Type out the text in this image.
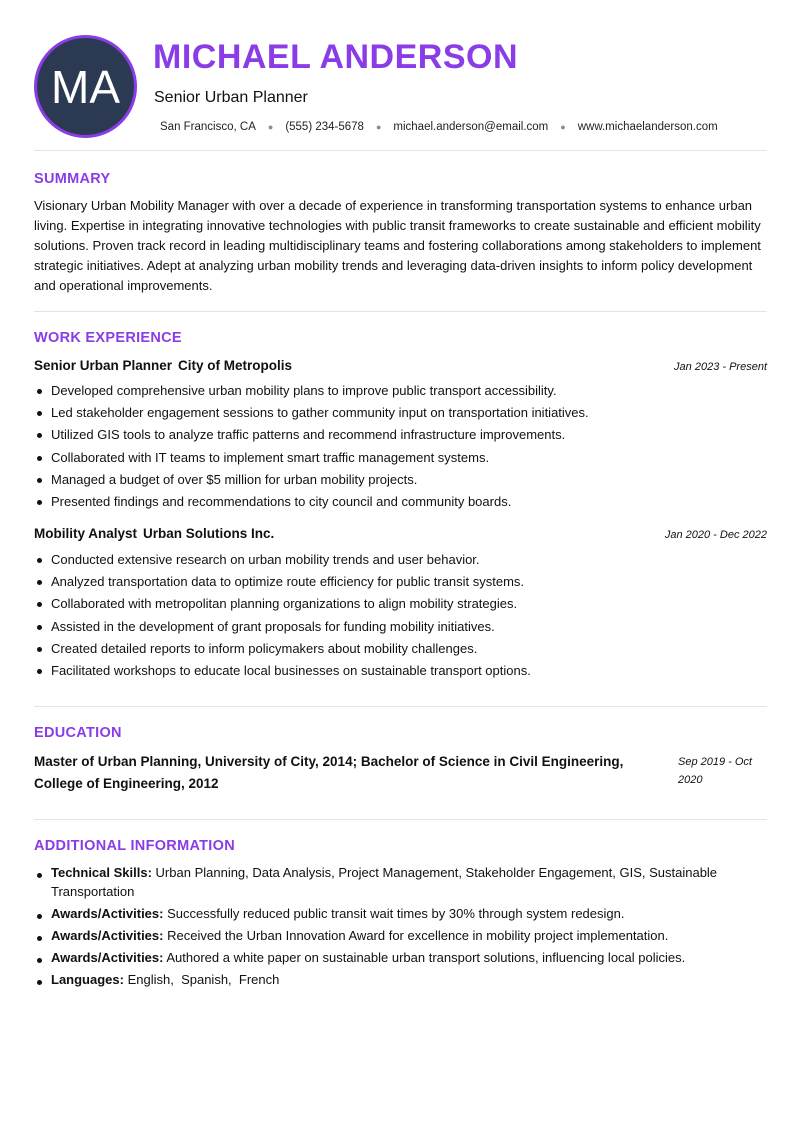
MA
MICHAEL ANDERSON
Senior Urban Planner
San Francisco, CA ● (555) 234-5678 ● michael.anderson@email.com ● www.michaelanderson.com
SUMMARY
Visionary Urban Mobility Manager with over a decade of experience in transforming transportation systems to enhance urban living. Expertise in integrating innovative technologies with public transit frameworks to create sustainable and efficient mobility solutions. Proven track record in leading multidisciplinary teams and fostering collaborations among stakeholders to implement strategic initiatives. Adept at analyzing urban mobility trends and leveraging data-driven insights to inform policy development and operational improvements.
WORK EXPERIENCE
Senior Urban Planner City of Metropolis	Jan 2023 - Present
Developed comprehensive urban mobility plans to improve public transport accessibility.
Led stakeholder engagement sessions to gather community input on transportation initiatives.
Utilized GIS tools to analyze traffic patterns and recommend infrastructure improvements.
Collaborated with IT teams to implement smart traffic management systems.
Managed a budget of over $5 million for urban mobility projects.
Presented findings and recommendations to city council and community boards.
Mobility Analyst Urban Solutions Inc.	Jan 2020 - Dec 2022
Conducted extensive research on urban mobility trends and user behavior.
Analyzed transportation data to optimize route efficiency for public transit systems.
Collaborated with metropolitan planning organizations to align mobility strategies.
Assisted in the development of grant proposals for funding mobility initiatives.
Created detailed reports to inform policymakers about mobility challenges.
Facilitated workshops to educate local businesses on sustainable transport options.
EDUCATION
Master of Urban Planning, University of City, 2014; Bachelor of Science in Civil Engineering, College of Engineering, 2012
Sep 2019 - Oct 2020
ADDITIONAL INFORMATION
Technical Skills: Urban Planning, Data Analysis, Project Management, Stakeholder Engagement, GIS, Sustainable Transportation
Awards/Activities: Successfully reduced public transit wait times by 30% through system redesign.
Awards/Activities: Received the Urban Innovation Award for excellence in mobility project implementation.
Awards/Activities: Authored a white paper on sustainable urban transport solutions, influencing local policies.
Languages: English,  Spanish,  French
